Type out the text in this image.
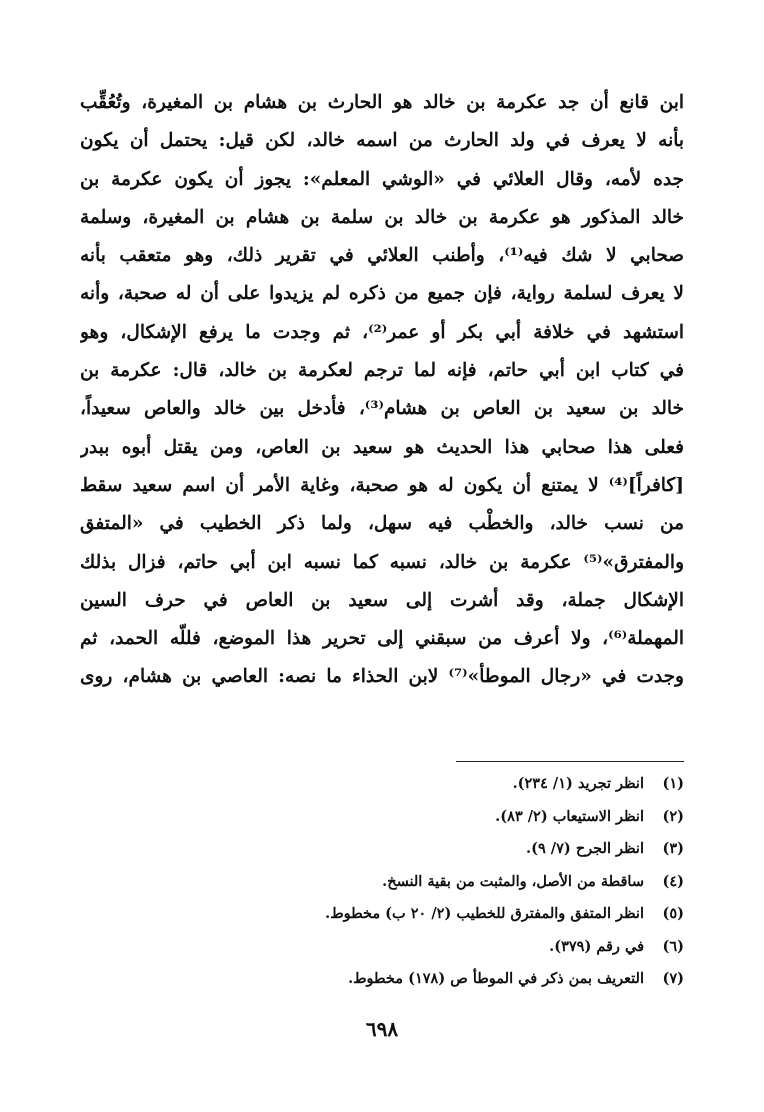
ابن قانع أن جد عكرمة بن خالد هو الحارث بن هشام بن المغيرة، وتُعُقِّب
بأنه لا يعرف في ولد الحارث من اسمه خالد، لكن قيل: يحتمل أن يكون
جده لأمه، وقال العلائي في «الوشي المعلم»: يجوز أن يكون عكرمة بن
خالد المذكور هو عكرمة بن خالد بن سلمة بن هشام بن المغيرة، وسلمة
صحابي لا شك فيه⁽¹⁾، وأطنب العلائي في تقرير ذلك، وهو متعقب بأنه
لا يعرف لسلمة رواية، فإن جميع من ذكره لم يزيدوا على أن له صحبة، وأنه
استشهد في خلافة أبي بكر أو عمر⁽²⁾، ثم وجدت ما يرفع الإشكال، وهو
في كتاب ابن أبي حاتم، فإنه لما ترجم لعكرمة بن خالد، قال: عكرمة بن
خالد بن سعيد بن العاص بن هشام⁽³⁾، فأدخل بين خالد والعاص سعيداً،
فعلى هذا صحابي هذا الحديث هو سعيد بن العاص، ومن يقتل أبوه ببدر
[كافراً]⁽⁴⁾ لا يمتنع أن يكون له هو صحبة، وغاية الأمر أن اسم سعيد سقط
من نسب خالد، والخطْب فيه سهل، ولما ذكر الخطيب في «المتفق
والمفترق»⁽⁵⁾ عكرمة بن خالد، نسبه كما نسبه ابن أبي حاتم، فزال بذلك
الإشكال جملة، وقد أشرت إلى سعيد بن العاص في حرف السين
المهملة⁽⁶⁾، ولا أعرف من سبقني إلى تحرير هذا الموضع، فللّه الحمد، ثم
وجدت في «رجال الموطأ»⁽⁷⁾ لابن الحذاء ما نصه: العاصي بن هشام، روى
(١)انظر تجريد (١/ ٢٣٤).
(٢)انظر الاستيعاب (٢/ ٨٣).
(٣)انظر الجرح (٧/ ٩).
(٤)ساقطة من الأصل، والمثبت من بقية النسخ.
(٥)انظر المتفق والمفترق للخطيب (٢/ ٢٠ ب) مخطوط.
(٦)في رقم (٣٧٩).
(٧)التعريف بمن ذكر في الموطأ ص (١٧٨) مخطوط.
٦٩٨
